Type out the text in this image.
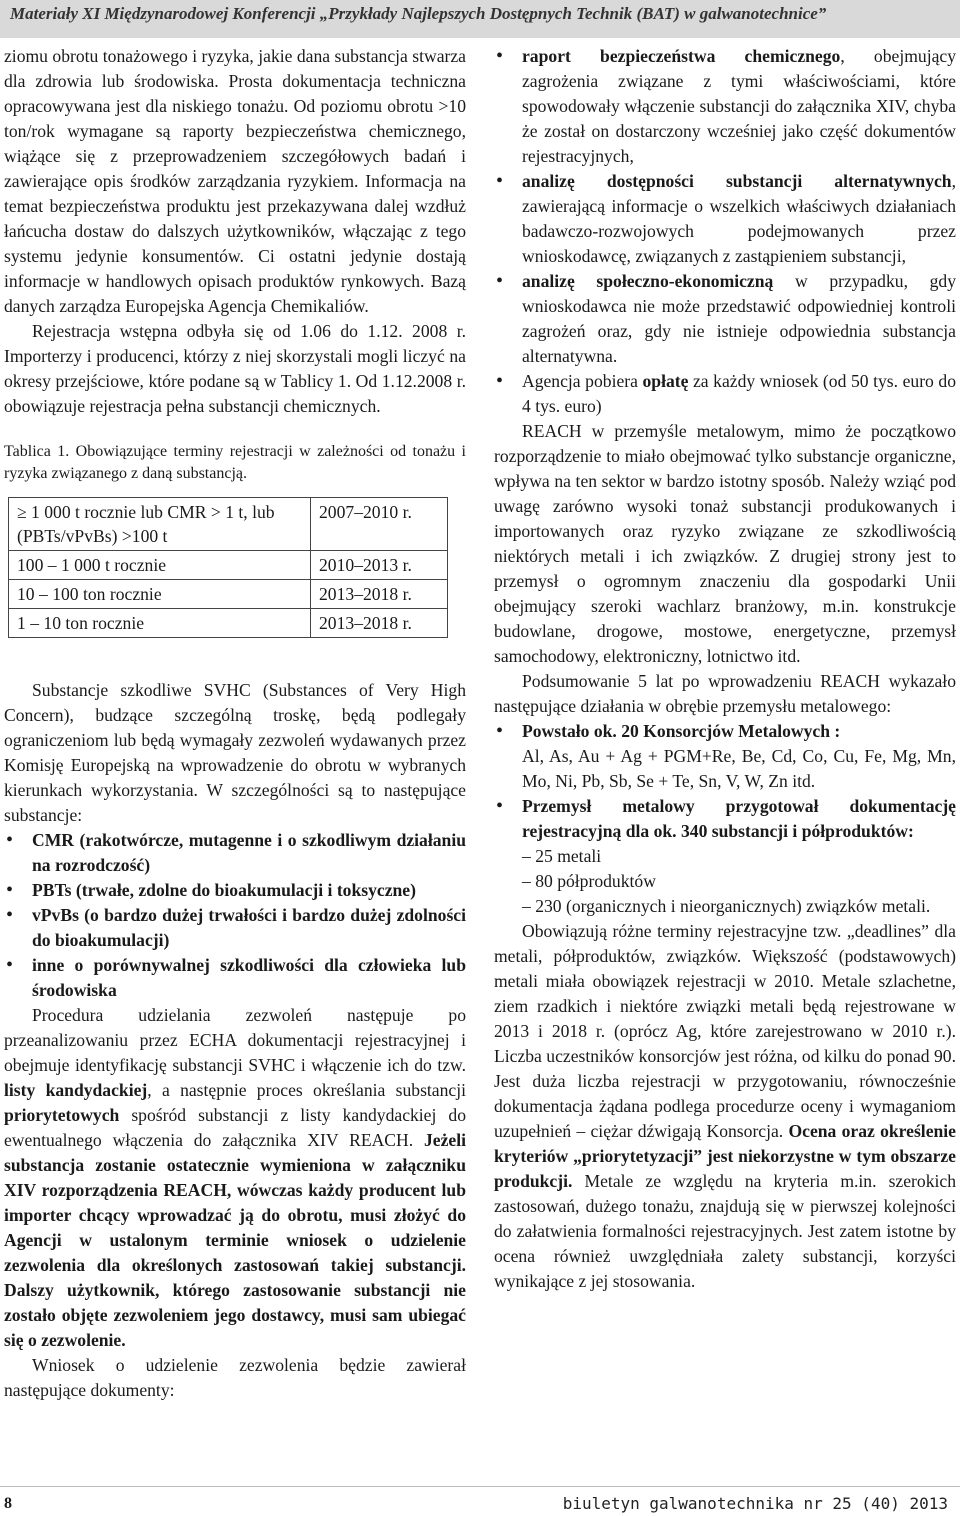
Materiały XI Międzynarodowej Konferencji „Przykłady Najlepszych Dostępnych Technik (BAT) w galwanotechnice”

ziomu obrotu tonażowego i ryzyka, jakie dana substancja stwarza dla zdrowia lub środowiska. Prosta dokumentacja techniczna opracowywana jest dla niskiego tonażu. Od poziomu obrotu >10 ton/rok wymagane są raporty bezpieczeństwa chemicznego, wiążące się z przeprowadzeniem szczegółowych badań i zawierające opis środków zarządzania ryzykiem. Informacja na temat bezpieczeństwa produktu jest przekazywana dalej wzdłuż łańcucha dostaw do dalszych użytkowników, włączając z tego systemu jedynie konsumentów. Ci ostatni jedynie dostają informacje w handlowych opisach produktów rynkowych. Bazą danych zarządza Europejska Agencja Chemikaliów.

Rejestracja wstępna odbyła się od 1.06 do 1.12. 2008 r. Importerzy i producenci, którzy z niej skorzystali mogli liczyć na okresy przejściowe, które podane są w Tablicy 1. Od 1.12.2008 r. obowiązuje rejestracja pełna substancji chemicznych.

Tablica 1. Obowiązujące terminy rejestracji w zależności od tonażu i ryzyka związanego z daną substancją.

≥ 1 000 t rocznie lub CMR > 1 t, lub (PBTs/vPvBs) >100 t	2007–2010 r.
100 – 1 000 t rocznie	2010–2013 r.
10 – 100 ton rocznie	2013–2018 r.
1 – 10 ton rocznie	2013–2018 r.

Substancje szkodliwe SVHC (Substances of Very High Concern), budzące szczególną troskę, będą podlegały ograniczeniom lub będą wymagały zezwoleń wydawanych przez Komisję Europejską na wprowadzenie do obrotu w wybranych kierunkach wykorzystania. W szczególności są to następujące substancje:

• CMR (rakotwórcze, mutagenne i o szkodliwym działaniu na rozrodczość)
• PBTs (trwałe, zdolne do bioakumulacji i toksyczne)
• vPvBs (o bardzo dużej trwałości i bardzo dużej zdolności do bioakumulacji)
• inne o porównywalnej szkodliwości dla człowieka lub środowiska

Procedura udzielania zezwoleń następuje po przeanalizowaniu przez ECHA dokumentacji rejestracyjnej i obejmuje identyfikację substancji SVHC i włączenie ich do tzw. listy kandydackiej, a następnie proces określania substancji priorytetowych spośród substancji z listy kandydackiej do ewentualnego włączenia do załącznika XIV REACH. Jeżeli substancja zostanie ostatecznie wymieniona w załączniku XIV rozporządzenia REACH, wówczas każdy producent lub importer chcący wprowadzać ją do obrotu, musi złożyć do Agencji w ustalonym terminie wniosek o udzielenie zezwolenia dla określonych zastosowań takiej substancji. Dalszy użytkownik, którego zastosowanie substancji nie zostało objęte zezwoleniem jego dostawcy, musi sam ubiegać się o zezwolenie.

Wniosek o udzielenie zezwolenia będzie zawierał następujące dokumenty:

• raport bezpieczeństwa chemicznego, obejmujący zagrożenia związane z tymi właściwościami, które spowodowały włączenie substancji do załącznika XIV, chyba że został on dostarczony wcześniej jako część dokumentów rejestracyjnych,
• analizę dostępności substancji alternatywnych, zawierającą informacje o wszelkich właściwych działaniach badawczo-rozwojowych podejmowanych przez wnioskodawcę, związanych z zastąpieniem substancji,
• analizę społeczno-ekonomiczną w przypadku, gdy wnioskodawca nie może przedstawić odpowiedniej kontroli zagrożeń oraz, gdy nie istnieje odpowiednia substancja alternatywna.
• Agencja pobiera opłatę za każdy wniosek (od 50 tys. euro do 4 tys. euro)

REACH w przemyśle metalowym, mimo że początkowo rozporządzenie to miało obejmować tylko substancje organiczne, wpływa na ten sektor w bardzo istotny sposób. Należy wziąć pod uwagę zarówno wysoki tonaż substancji produkowanych i importowanych oraz ryzyko związane ze szkodliwością niektórych metali i ich związków. Z drugiej strony jest to przemysł o ogromnym znaczeniu dla gospodarki Unii obejmujący szeroki wachlarz branżowy, m.in. konstrukcje budowlane, drogowe, mostowe, energetyczne, przemysł samochodowy, elektroniczny, lotnictwo itd.

Podsumowanie 5 lat po wprowadzeniu REACH wykazało następujące działania w obrębie przemysłu metalowego:

• Powstało ok. 20 Konsorcjów Metalowych :
Al, As, Au + Ag + PGM+Re, Be, Cd, Co, Cu, Fe, Mg, Mn, Mo, Ni, Pb, Sb, Se + Te, Sn, V, W, Zn itd.
• Przemysł metalowy przygotował dokumentację rejestracyjną dla ok. 340 substancji i półproduktów:

– 25 metali

– 80 półproduktów

– 230 (organicznych i nieorganicznych) związków metali.

Obowiązują różne terminy rejestracyjne tzw. „deadlines” dla metali, półproduktów, związków. Większość (podstawowych) metali miała obowiązek rejestracji w 2010. Metale szlachetne, ziem rzadkich i niektóre związki metali będą rejestrowane w 2013 i 2018 r. (oprócz Ag, które zarejestrowano w 2010 r.). Liczba uczestników konsorcjów jest różna, od kilku do ponad 90. Jest duża liczba rejestracji w przygotowaniu, równocześnie dokumentacja żądana podlega procedurze oceny i wymaganiom uzupełnień – ciężar dźwigają Konsorcja. Ocena oraz określenie kryteriów „priorytetyzacji” jest niekorzystne w tym obszarze produkcji. Metale ze względu na kryteria m.in. szerokich zastosowań, dużego tonażu, znajdują się w pierwszej kolejności do załatwienia formalności rejestracyjnych. Jest zatem istotne by ocena również uwzględniała zalety substancji, korzyści wynikające z jej stosowania.

8	biuletyn galwanotechnika nr 25 (40) 2013
